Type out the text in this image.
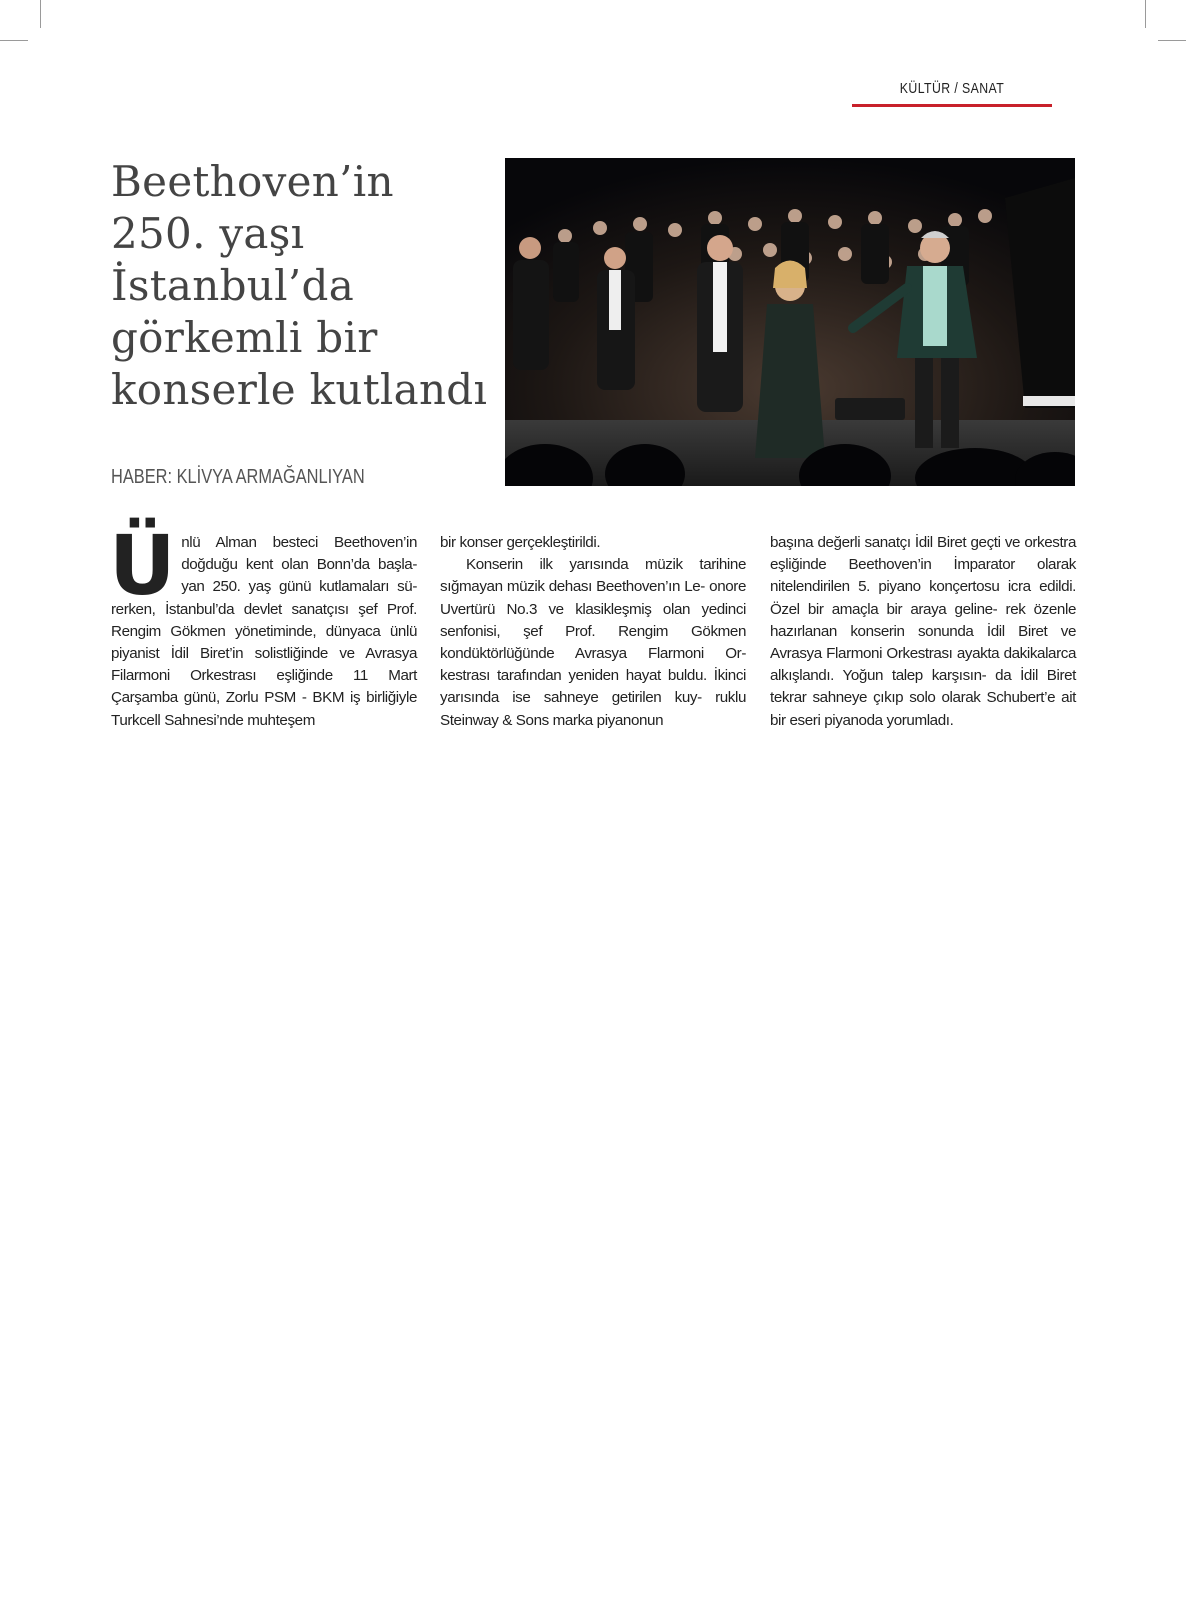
KÜLTÜR / SANAT
Beethoven’in
250. yaşı
İstanbul’da
görkemli bir
konserle kutlandı
HABER: KLİVYA ARMAĞANLIYAN
Ü nlü Alman besteci Beethoven’in doğduğu kent olan Bonn’da başla- yan 250. yaş günü kutlamaları sü- rerken, İstanbul’da devlet sanatçısı şef Prof. Rengim Gökmen yönetiminde, dünyaca ünlü piyanist İdil Biret’in solistliğinde ve Avrasya Filarmoni Orkestrası eşliğinde 11 Mart Çarşamba günü, Zorlu PSM - BKM iş birliğiyle Turkcell Sahnesi’nde muhteşem

bir konser gerçekleştirildi.

Konserin ilk yarısında müzik tarihine sığmayan müzik dehası Beethoven’ın Le- onore Uvertürü No.3 ve klasikleşmiş olan yedinci senfonisi, şef Prof. Rengim Gökmen kondüktörlüğünde Avrasya Flarmoni Or- kestrası tarafından yeniden hayat buldu. İkinci yarısında ise sahneye getirilen kuy- ruklu Steinway & Sons marka piyanonun

başına değerli sanatçı İdil Biret geçti ve orkestra eşliğinde Beethoven’in İmparator olarak nitelendirilen 5. piyano konçertosu icra edildi. Özel bir amaçla bir araya geline- rek özenle hazırlanan konserin sonunda İdil Biret ve Avrasya Flarmoni Orkestrası ayakta dakikalarca alkışlandı. Yoğun talep karşısın- da İdil Biret tekrar sahneye çıkıp solo olarak Schubert’e ait bir eseri piyanoda yorumladı.
